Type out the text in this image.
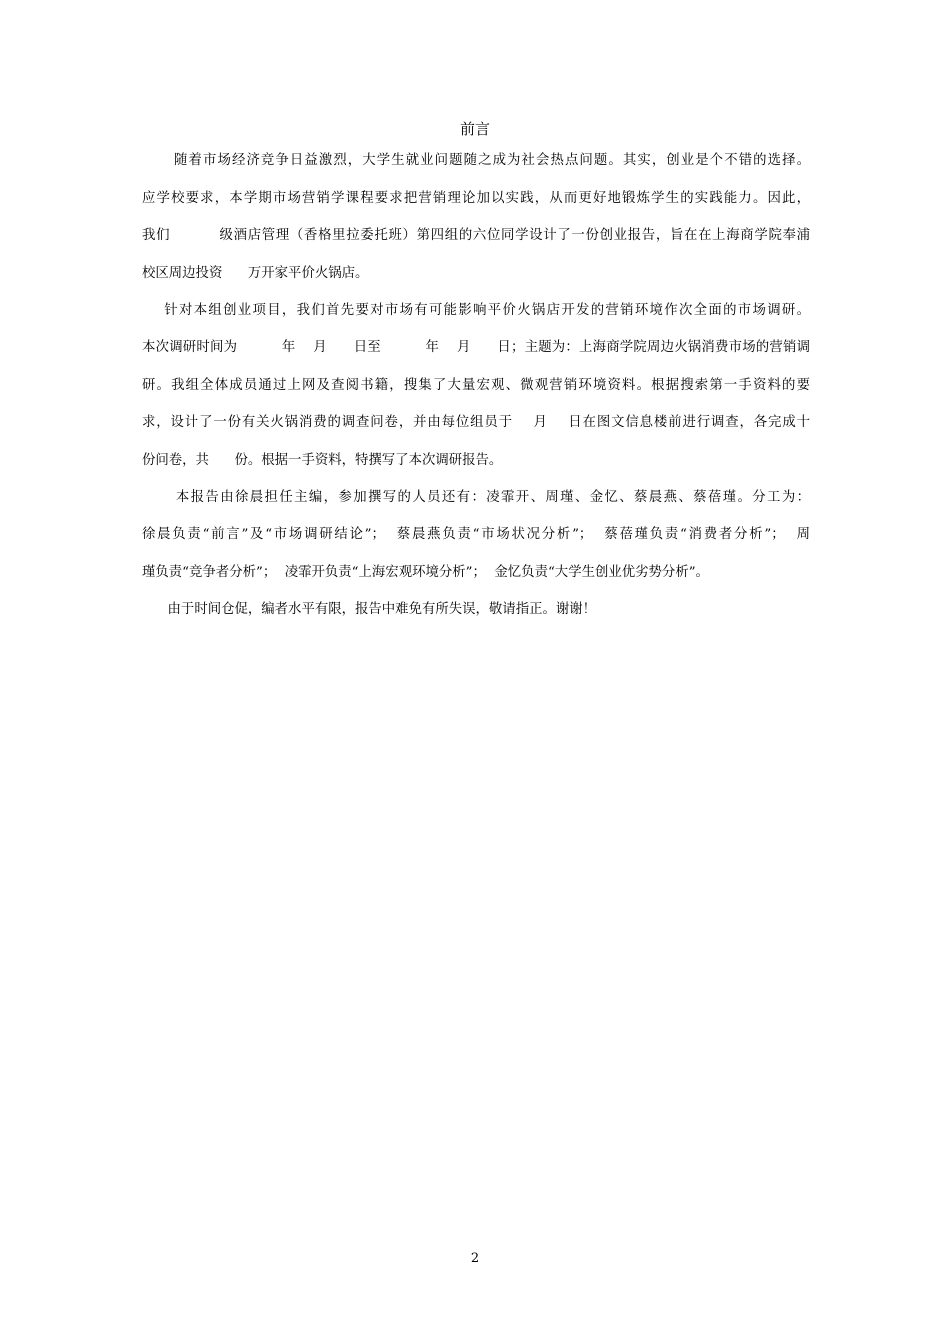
前言
随着市场经济竞争日益激烈，大学生就业问题随之成为社会热点问题。其实，创业是个不错的选择。
应学校要求，本学期市场营销学课程要求把营销理论加以实践，从而更好地锻炼学生的实践能力。因此，
我们          级酒店管理（香格里拉委托班）第四组的六位同学设计了一份创业报告，旨在在上海商学院奉浦
校区周边投资      万开家平价火锅店。
针对本组创业项目，我们首先要对市场有可能影响平价火锅店开发的营销环境作次全面的市场调研。
本次调研时间为          年    月      日至          年    月      日；主题为：上海商学院周边火锅消费市场的营销调
研。我组全体成员通过上网及查阅书籍，搜集了大量宏观、微观营销环境资料。根据搜索第一手资料的要
求，设计了一份有关火锅消费的调查问卷，并由每位组员于    月    日在图文信息楼前进行调查，各完成十
份问卷，共      份。根据一手资料，特撰写了本次调研报告。
本报告由徐晨担任主编，参加撰写的人员还有：凌霏开、周瑾、金忆、蔡晨燕、蔡蓓瑾。分工为：
徐晨负责“前言”及“市场调研结论”；  蔡晨燕负责“市场状况分析”；  蔡蓓瑾负责“消费者分析”；  周
瑾负责“竞争者分析”；  凌霏开负责“上海宏观环境分析”；  金忆负责“大学生创业优劣势分析”。
由于时间仓促，编者水平有限，报告中难免有所失误，敬请指正。谢谢！
2
